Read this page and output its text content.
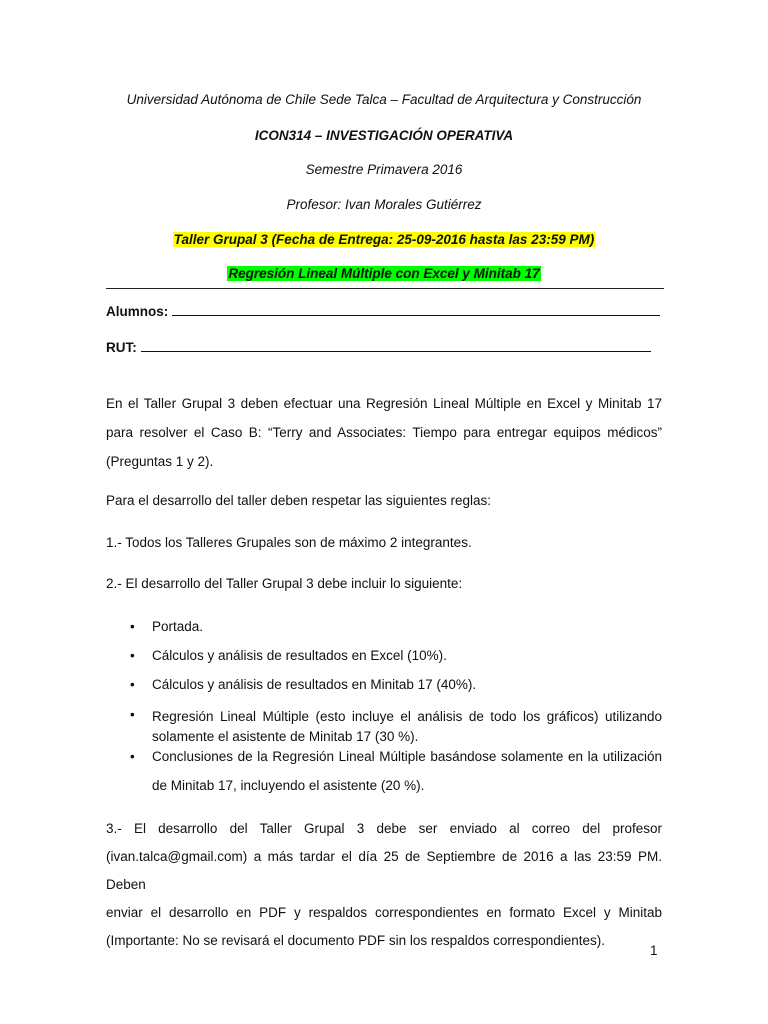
Universidad Autónoma de Chile Sede Talca – Facultad de Arquitectura y Construcción
ICON314 – INVESTIGACIÓN OPERATIVA
Semestre Primavera 2016
Profesor: Ivan Morales Gutiérrez
Taller Grupal 3 (Fecha de Entrega: 25-09-2016 hasta las 23:59 PM)
Regresión Lineal Múltiple con Excel y Minitab 17
Alumnos:
RUT:
En el Taller Grupal 3 deben efectuar una Regresión Lineal Múltiple en Excel y Minitab 17
para resolver el Caso B: “Terry and Associates: Tiempo para entregar equipos médicos”
(Preguntas 1 y 2).
Para el desarrollo del taller deben respetar las siguientes reglas:
1.- Todos los Talleres Grupales son de máximo 2 integrantes.
2.- El desarrollo del Taller Grupal 3 debe incluir lo siguiente:
• Portada.
• Cálculos y análisis de resultados en Excel (10%).
• Cálculos y análisis de resultados en Minitab 17 (40%).
• Regresión Lineal Múltiple (esto incluye el análisis de todo los gráficos) utilizando solamente el asistente de Minitab 17 (30 %).
• Conclusiones de la Regresión Lineal Múltiple basándose solamente en la utilización
de Minitab 17, incluyendo el asistente (20 %).
3.- El desarrollo del Taller Grupal 3 debe ser enviado al correo del profesor
(ivan.talca@gmail.com) a más tardar el día 25 de Septiembre de 2016 a las 23:59 PM. Deben
enviar el desarrollo en PDF y respaldos correspondientes en formato Excel y Minitab
(Importante: No se revisará el documento PDF sin los respaldos correspondientes).
1
